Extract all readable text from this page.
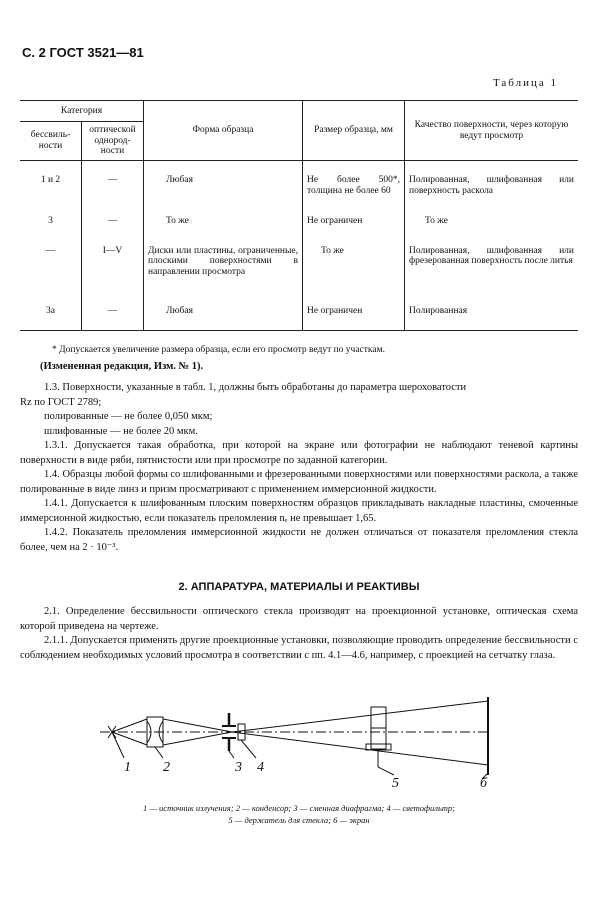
С. 2 ГОСТ 3521—81
Таблица 1
Категория		Форма образца	Размер образца, мм	Качество поверхности, через которую ведут просмотр
бессвиль-ности	оптической однород-ности			
1 и 2	—	Любая	Не более 500*, толщина не более 60	Полированная, шлифованная или поверхность раскола
3	—	То же	Не ограничен	То же
—	I—V	Диски или пластины, ограниченные, плоскими поверхностями в направлении просмотра	То же	Полированная, шлифованная или фрезерованная поверхность после литья
3а	—	Любая	Не ограничен	Полированная
* Допускается увеличение размера образца, если его просмотр ведут по участкам.
(Измененная редакция, Изм. № 1).
1.3. Поверхности, указанные в табл. 1, должны быть обработаны до параметра шероховатости
Rz по ГОСТ 2789;
полированные — не более 0,050 мкм;
шлифованные — не более 20 мкм.
1.3.1. Допускается такая обработка, при которой на экране или фотографии не наблюдают теневой картины поверхности в виде ряби, пятнистости или при просмотре по заданной категории.
1.4. Образцы любой формы со шлифованными и фрезерованными поверхностями или поверхностями раскола, а также полированные в виде линз и призм просматривают с применением иммерсионной жидкости.
1.4.1. Допускается к шлифованным плоским поверхностям образцов прикладывать накладные пластины, смоченные иммерсионной жидкостью, если показатель преломления nₑ не превышает 1,65.
1.4.2. Показатель преломления иммерсионной жидкости не должен отличаться от показателя преломления стекла более, чем на 2 · 10⁻³.
2. АППАРАТУРА, МАТЕРИАЛЫ И РЕАКТИВЫ
2.1. Определение бессвильности оптического стекла производят на проекционной установке, оптическая схема которой приведена на чертеже.
2.1.1. Допускается применять другие проекционные установки, позволяющие проводить определение бессвильности с соблюдением необходимых условий просмотра в соответствии с пп. 4.1—4.6, например, с проекцией на сетчатку глаза.
1 2	3 4
5	б
1 — источник излучения; 2 — конденсор; 3 — сменная диафрагма; 4 — светофильтр;
5 — держатель для стекла; 6 — экран
